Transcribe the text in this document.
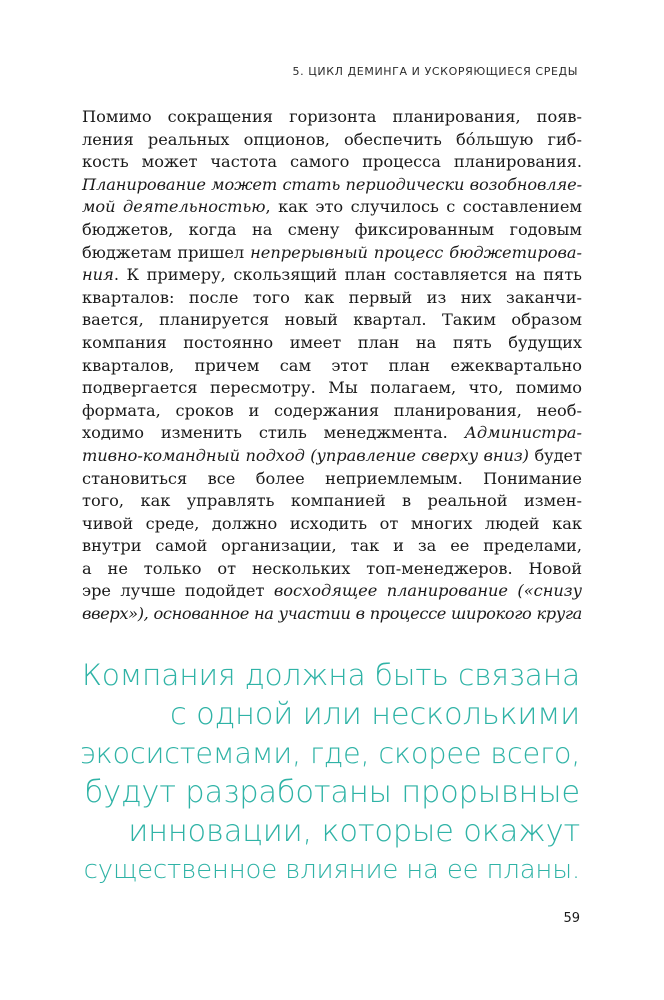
5. ЦИКЛ ДЕМИНГА И УСКОРЯЮЩИЕСЯ СРЕДЫ
Помимо сокращения горизонта планирования, появ-
ления реальных опционов, обеспечить бо́льшую гиб-
кость может частота самого процесса планирования.
Планирование может стать периодически возобновляе-
мой деятельностью, как это случилось с составлением
бюджетов, когда на смену фиксированным годовым
бюджетам пришел непрерывный процесс бюджетирова-
ния. К примеру, скользящий план составляется на пять
кварталов: после того как первый из них заканчи-
вается, планируется новый квартал. Таким образом
компания постоянно имеет план на пять будущих
кварталов, причем сам этот план ежеквартально
подвергается пересмотру. Мы полагаем, что, помимо
формата, сроков и содержания планирования, необ-
ходимо изменить стиль менеджмента. Администра-
тивно-командный подход (управление сверху вниз) будет
становиться все более неприемлемым. Понимание
того, как управлять компанией в реальной измен-
чивой среде, должно исходить от многих людей как
внутри самой организации, так и за ее пределами,
а не только от нескольких топ-менеджеров. Новой
эре лучше подойдет восходящее планирование («снизу
вверх»), основанное на участии в процессе широкого круга
Компания должна быть связана
с одной или несколькими
экосистемами, где, скорее всего,
будут разработаны прорывные
инновации, которые окажут
существенное влияние на ее планы.
59
